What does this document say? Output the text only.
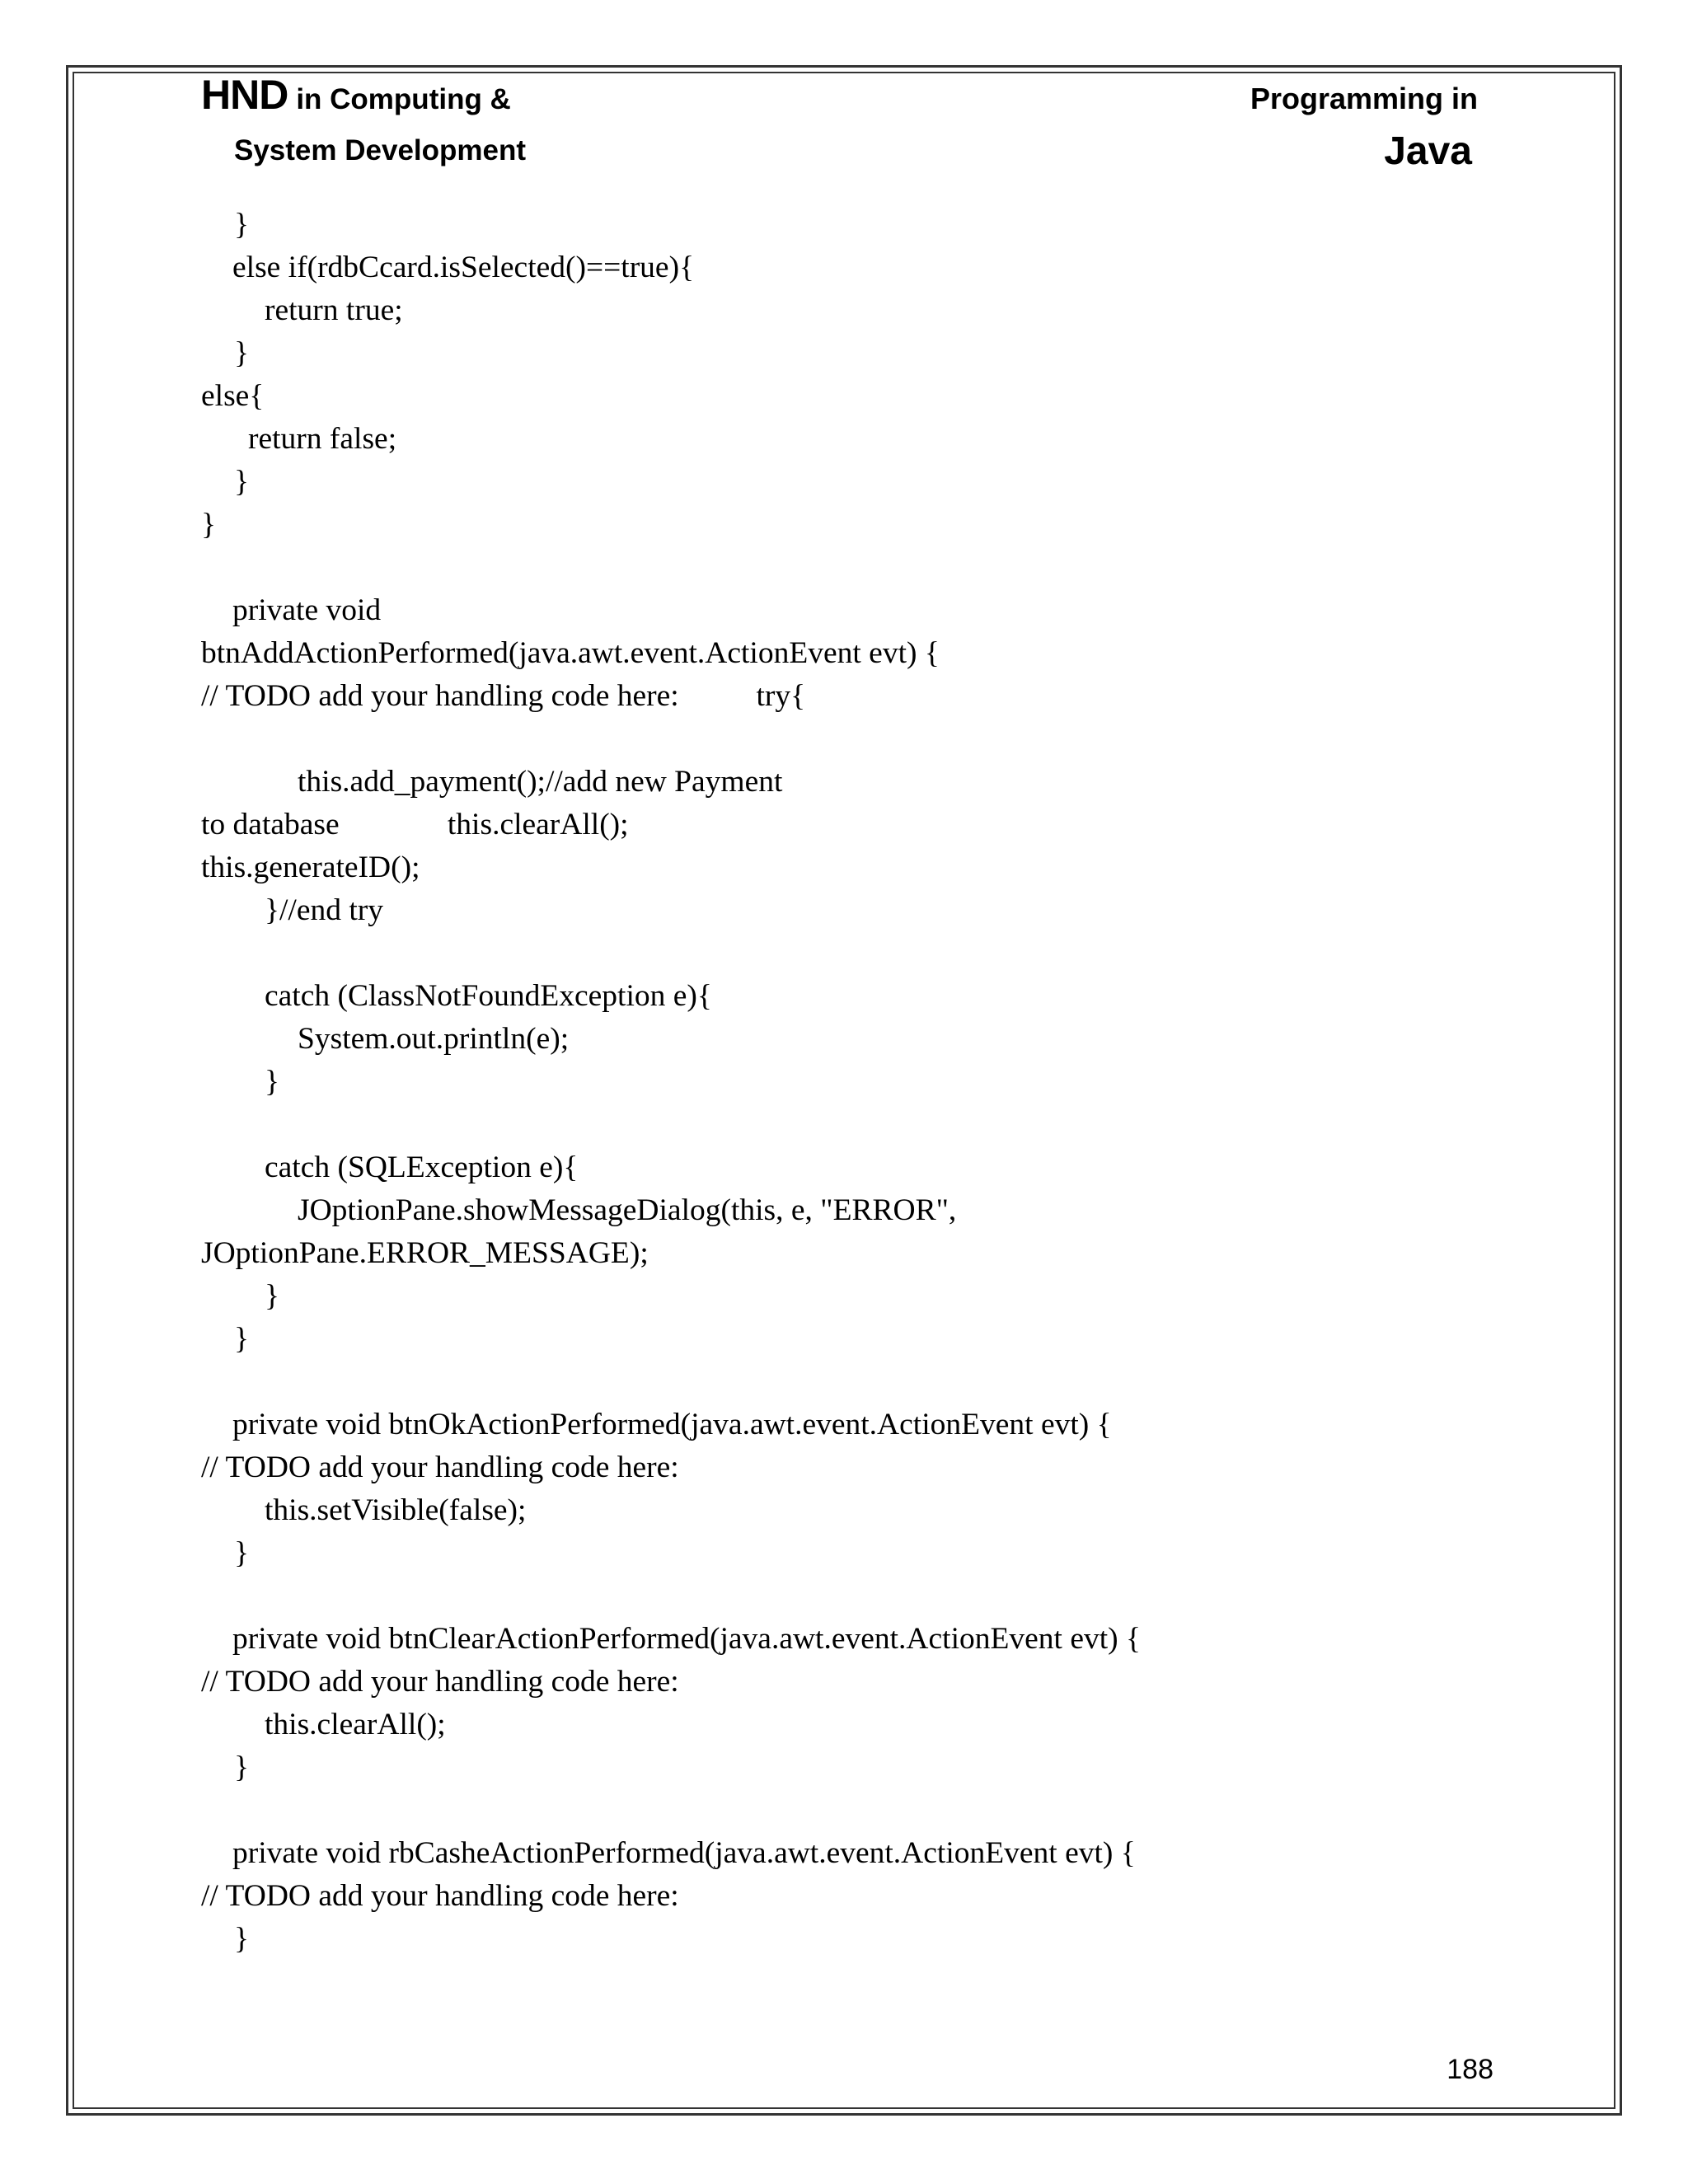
HND in Computing &
System Development
Programming in
Java
}
else if(rdbCcard.isSelected()==true){
return true;
}
else{
return false;
}
}
private void
btnAddActionPerformed(java.awt.event.ActionEvent evt) {
// TODO add your handling code here:          try{
this.add_payment();//add new Payment
to database              this.clearAll();
this.generateID();
}//end try
catch (ClassNotFoundException e){
System.out.println(e);
}
catch (SQLException e){
JOptionPane.showMessageDialog(this, e, "ERROR",
JOptionPane.ERROR_MESSAGE);
}
}
private void btnOkActionPerformed(java.awt.event.ActionEvent evt) {
// TODO add your handling code here:
this.setVisible(false);
}
private void btnClearActionPerformed(java.awt.event.ActionEvent evt) {
// TODO add your handling code here:
this.clearAll();
}
private void rbCasheActionPerformed(java.awt.event.ActionEvent evt) {
// TODO add your handling code here:
}
188
